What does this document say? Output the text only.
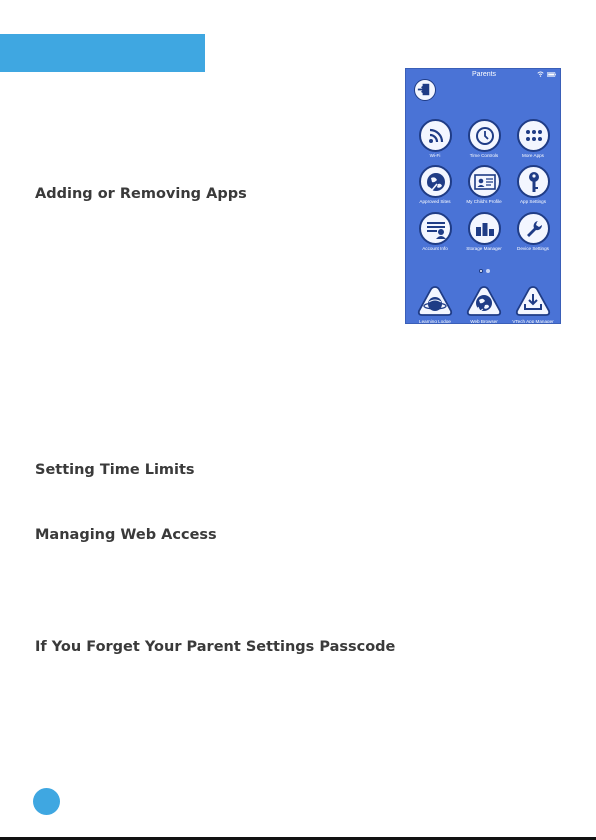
Adding or Removing Apps
Setting Time Limits
Managing Web Access
If You Forget Your Parent Settings Passcode
Parents
Wi-Fi	Time Controls	More Apps
Approved Sites	My Child's Profile	App Settings
Account Info	Storage Manager	Device Settings
Learning Lodge	Web Browser	VTech App Manager
